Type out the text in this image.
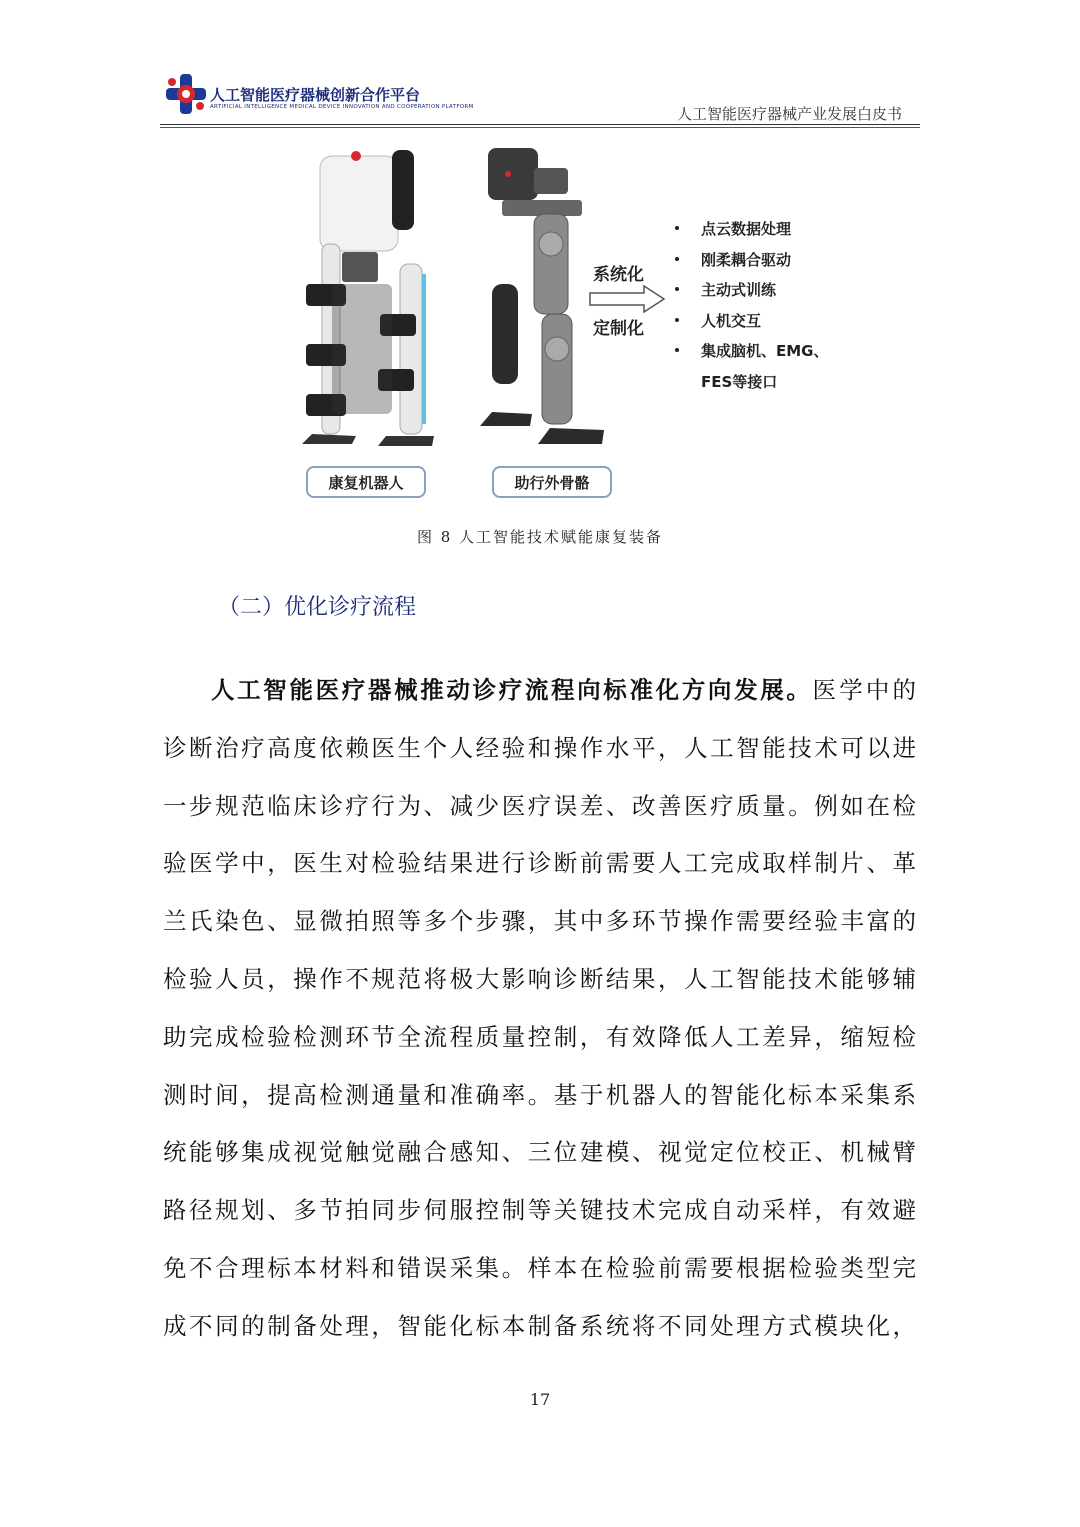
人工智能医疗器械创新合作平台
ARTIFICIAL INTELLIGENCE MEDICAL DEVICE INNOVATION AND COOPERATION PLATFORM	人工智能医疗器械产业发展白皮书
康复机器人	助行外骨骼
系统化
定制化
点云数据处理
刚柔耦合驱动
主动式训练
人机交互
集成脑机、EMG、
FES等接口
图 8 人工智能技术赋能康复装备
（二）优化诊疗流程
人工智能医疗器械推动诊疗流程向标准化方向发展。医学中的
诊断治疗高度依赖医生个人经验和操作水平，人工智能技术可以进
一步规范临床诊疗行为、减少医疗误差、改善医疗质量。例如在检
验医学中，医生对检验结果进行诊断前需要人工完成取样制片、革
兰氏染色、显微拍照等多个步骤，其中多环节操作需要经验丰富的
检验人员，操作不规范将极大影响诊断结果，人工智能技术能够辅
助完成检验检测环节全流程质量控制，有效降低人工差异，缩短检
测时间，提高检测通量和准确率。基于机器人的智能化标本采集系
统能够集成视觉触觉融合感知、三位建模、视觉定位校正、机械臂
路径规划、多节拍同步伺服控制等关键技术完成自动采样，有效避
免不合理标本材料和错误采集。样本在检验前需要根据检验类型完
成不同的制备处理，智能化标本制备系统将不同处理方式模块化，
17
